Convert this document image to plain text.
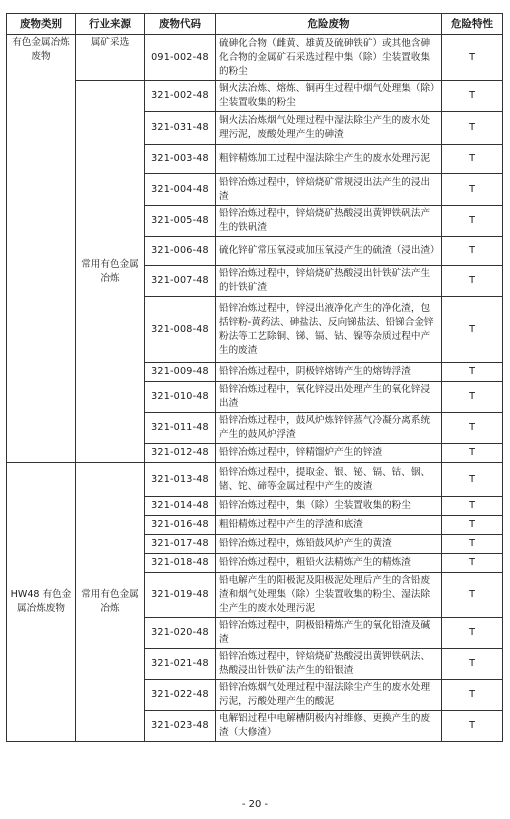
废物类别	行业来源	废物代码	危险废物	危险特性
有色金属冶炼废物	属矿采选	091-002-48	硫砷化合物（雌黄、雄黄及硫砷铁矿）或其他含砷化合物的金属矿石采选过程中集（除）尘装置收集的粉尘	T
	常用有色金属冶炼	321-002-48	铜火法冶炼、熔炼、铜再生过程中烟气处理集（除）尘装置收集的粉尘	T
		321-031-48	铜火法冶炼烟气处理过程中湿法除尘产生的废水处理污泥，废酸处理产生的砷渣	T
		321-003-48	粗锌精炼加工过程中湿法除尘产生的废水处理污泥	T
		321-004-48	铅锌冶炼过程中，锌焙烧矿常规浸出法产生的浸出渣	T
		321-005-48	铅锌冶炼过程中，锌焙烧矿热酸浸出黄钾铁矾法产生的铁矾渣	T
		321-006-48	硫化锌矿常压氧浸或加压氧浸产生的硫渣（浸出渣）	T
		321-007-48	铅锌冶炼过程中，锌焙烧矿热酸浸出针铁矿法产生的针铁矿渣	T
		321-008-48	铅锌冶炼过程中，锌浸出液净化产生的净化渣，包括锌粉-黄药法、砷盐法、反向锑盐法、铅锑合金锌粉法等工艺除铜、锑、镉、钴、镍等杂质过程中产生的废渣	T
		321-009-48	铅锌冶炼过程中，阴极锌熔铸产生的熔铸浮渣	T
		321-010-48	铅锌冶炼过程中，氧化锌浸出处理产生的氧化锌浸出渣	T
		321-011-48	铅锌冶炼过程中，鼓风炉炼锌锌蒸气冷凝分离系统产生的鼓风炉浮渣	T
		321-012-48	铅锌冶炼过程中，锌精馏炉产生的锌渣	T
HW48 有色金属冶炼废物	常用有色金属冶炼	321-013-48	铅锌冶炼过程中，提取金、银、铋、镉、钴、铟、锗、铊、碲等金属过程中产生的废渣	T
		321-014-48	铅锌冶炼过程中，集（除）尘装置收集的粉尘	T
		321-016-48	粗铅精炼过程中产生的浮渣和底渣	T
		321-017-48	铅锌冶炼过程中，炼铅鼓风炉产生的黄渣	T
		321-018-48	铅锌冶炼过程中，粗铅火法精炼产生的精炼渣	T
		321-019-48	铅电解产生的阳极泥及阳极泥处理后产生的含铅废渣和烟气处理集（除）尘装置收集的粉尘、湿法除尘产生的废水处理污泥	T
		321-020-48	铅锌冶炼过程中，阴极铅精炼产生的氧化铅渣及碱渣	T
		321-021-48	铅锌冶炼过程中，锌焙烧矿热酸浸出黄钾铁矾法、热酸浸出针铁矿法产生的铅银渣	T
		321-022-48	铅锌冶炼烟气处理过程中湿法除尘产生的废水处理污泥，污酸处理产生的酸泥	T
		321-023-48	电解铝过程中电解槽阴极内衬维修、更换产生的废渣（大修渣）	T
- 20 -
